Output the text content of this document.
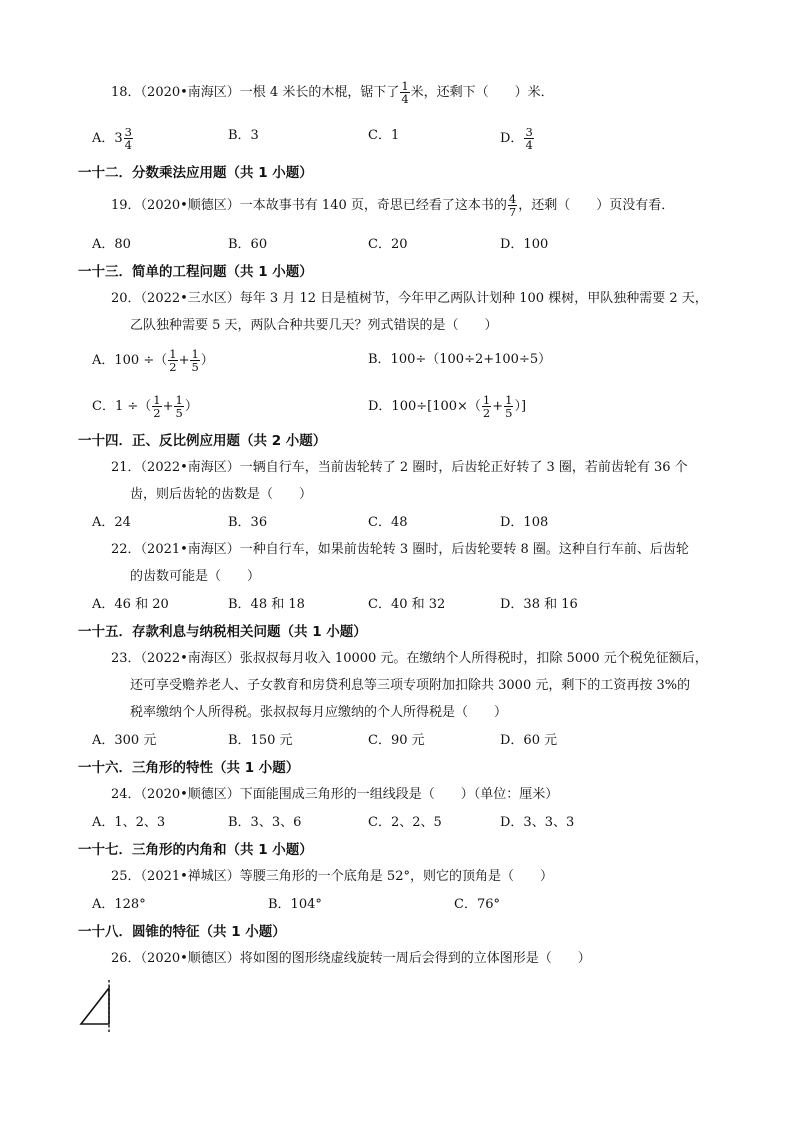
18．（2020•南海区）一根 4 米长的木棍，锯下了 $\frac{1}{4}$ 米，还剩下（　　）米．
A．$3 \frac{3}{4}$	B．3	C．1	D． $\frac{3}{4}$
一十二．分数乘法应用题（共 1 小题）
19．（2020•顺德区）一本故事书有 140 页，奇思已经看了这本书的 $\frac{4}{7}$ ，还剩（　　）页没有看．
A．80	B．60	C．20	D．100
一十三．简单的工程问题（共 1 小题）
20．（2022•三水区）每年 3 月 12 日是植树节，今年甲乙两队计划种 100 棵树，甲队独种需要 2 天，
乙队独种需要 5 天，两队合种共要几天？列式错误的是（　　）
A．100 ÷（ $\frac{1}{2} + \frac{1}{5}$ ）	B．100÷（100÷2+100÷5）
C．1 ÷（ $\frac{1}{2} + \frac{1}{5}$ ）	D．$100\div[100\times( \frac{1}{2} + \frac{1}{5}$ ）]
一十四．正、反比例应用题（共 2 小题）
21．（2022•南海区）一辆自行车，当前齿轮转了 2 圈时，后齿轮正好转了 3 圈，若前齿轮有 36 个
齿，则后齿轮的齿数是（　　）
A．24	B．36	C．48	D．108
22．（2021•南海区）一种自行车，如果前齿轮转 3 圈时，后齿轮要转 8 圈。这种自行车前、后齿轮
的齿数可能是（　　）
A．46 和 20	B．48 和 18	C．40 和 32	D．38 和 16
一十五．存款利息与纳税相关问题（共 1 小题）
23．（2022•南海区）张叔叔每月收入 10000 元。在缴纳个人所得税时，扣除 5000 元个税免征额后，
还可享受赡养老人、子女教育和房贷利息等三项专项附加扣除共 3000 元，剩下的工资再按 3%的
税率缴纳个人所得税。张叔叔每月应缴纳的个人所得税是（　　）
A．300 元	B．150 元	C．90 元	D．60 元
一十六．三角形的特性（共 1 小题）
24．（2020•顺德区）下面能围成三角形的一组线段是（　　）（单位：厘米）
A．1、2、3	B．3、3、6	C．2、2、5	D．3、3、3
一十七．三角形的内角和（共 1 小题）
25．（2021•禅城区）等腰三角形的一个底角是 52°，则它的顶角是（　　）
A．128°	B．104°	C．76°
一十八．圆锥的特征（共 1 小题）
26．（2020•顺德区）将如图的图形绕虚线旋转一周后会得到的立体图形是（　　）
